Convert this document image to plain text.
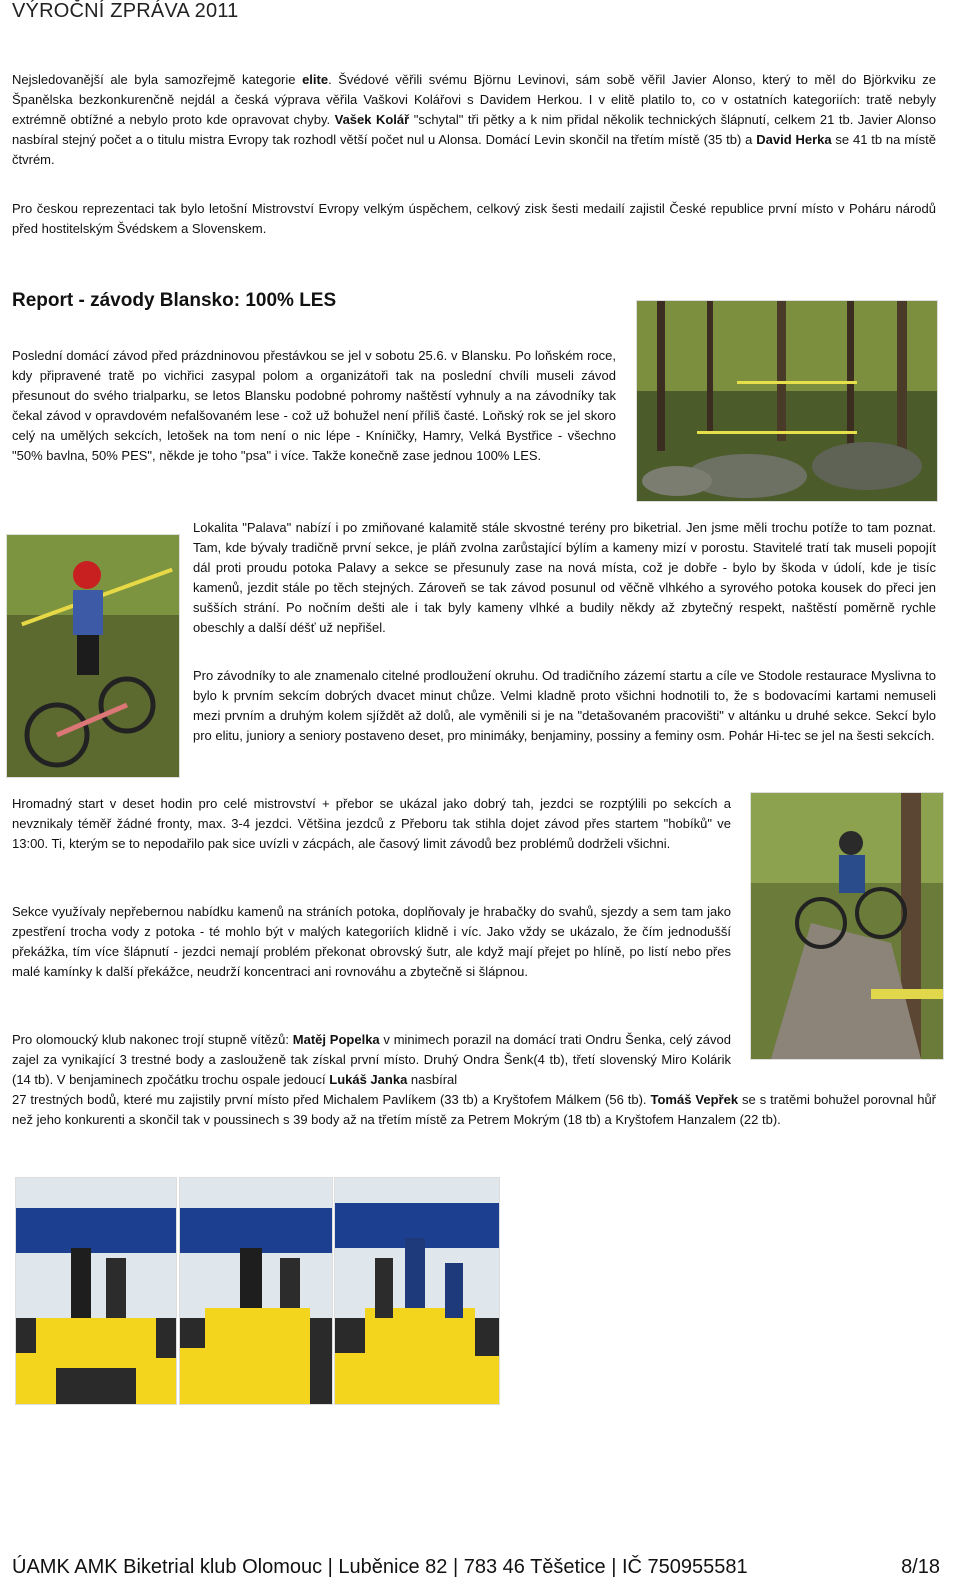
VÝROČNÍ ZPRÁVA 2011

Nejsledovanější ale byla samozřejmě kategorie elite. Švédové věřili svému Björnu Levinovi, sám sobě věřil Javier Alonso, který to měl do Björkviku ze Španělska bezkonkurenčně nejdál a česká výprava věřila Vaškovi Kolářovi s Davidem Herkou. I v elitě platilo to, co v ostatních kategoriích: tratě nebyly extrémně obtížné a nebylo proto kde opravovat chyby. Vašek Kolář "schytal" tři pětky a k nim přidal několik technických šlápnutí, celkem 21 tb. Javier Alonso nasbíral stejný počet a o titulu mistra Evropy tak rozhodl větší počet nul u Alonsa. Domácí Levin skončil na třetím místě (35 tb) a David Herka se 41 tb na místě čtvrém.

Pro českou reprezentaci tak bylo letošní Mistrovství Evropy velkým úspěchem, celkový zisk šesti medailí zajistil České republice první místo v Poháru národů před hostitelským Švédskem a Slovenskem.

Report - závody Blansko: 100% LES

Poslední domácí závod před prázdninovou přestávkou se jel v sobotu 25.6. v Blansku. Po loňském roce, kdy připravené tratě po vichřici zasypal polom a organizátoři tak na poslední chvíli museli závod přesunout do svého trialparku, se letos Blansku podobné pohromy naštěstí vyhnuly a na závodníky tak čekal závod v opravdovém nefalšovaném lese - což už bohužel není příliš časté. Loňský rok se jel skoro celý na umělých sekcích, letošek na tom není o nic lépe - Kníničky, Hamry, Velká Bystřice - všechno "50% bavlna, 50% PES", někde je toho "psa" i více. Takže konečně zase jednou 100% LES.

Lokalita "Palava" nabízí i po zmiňované kalamitě stále skvostné terény pro biketrial. Jen jsme měli trochu potíže to tam poznat. Tam, kde bývaly tradičně první sekce, je pláň zvolna zarůstající býlím a kameny mizí v porostu. Stavitelé tratí tak museli popojít dál proti proudu potoka Palavy a sekce se přesunuly zase na nová místa, což je dobře - bylo by škoda v údolí, kde je tisíc kamenů, jezdit stále po těch stejných. Zároveň se tak závod posunul od věčně vlhkého a syrového potoka kousek do přeci jen sušších strání. Po nočním dešti ale i tak byly kameny vlhké a budily někdy až zbytečný respekt, naštěstí poměrně rychle obeschly a další déšť už nepřišel.

Pro závodníky to ale znamenalo citelné prodloužení okruhu. Od tradičního zázemí startu a cíle ve Stodole restaurace Myslivna to bylo k prvním sekcím dobrých dvacet minut chůze. Velmi kladně proto všichni hodnotili to, že s bodovacími kartami nemuseli mezi prvním a druhým kolem sjíždět až dolů, ale vyměnili si je na "detašovaném pracovišti" v altánku u druhé sekce. Sekcí bylo pro elitu, juniory a seniory postaveno deset, pro minimáky, benjaminy, possiny a feminy osm. Pohár Hi-tec se jel na šesti sekcích.

Hromadný start v deset hodin pro celé mistrovství + přebor se ukázal jako dobrý tah, jezdci se rozptýlili po sekcích a nevznikaly téměř žádné fronty, max. 3-4 jezdci. Většina jezdců z Přeboru tak stihla dojet závod přes startem "hobíků" ve 13:00. Ti, kterým se to nepodařilo pak sice uvízli v zácpách, ale časový limit závodů bez problémů dodrželi všichni.

Sekce využívaly nepřebernou nabídku kamenů na stráních potoka, doplňovaly je hrabačky do svahů, sjezdy a sem tam jako zpestření trocha vody z potoka - té mohlo být v malých kategoriích klidně i víc. Jako vždy se ukázalo, že čím jednodušší překážka, tím více šlápnutí - jezdci nemají problém překonat obrovský šutr, ale když mají přejet po hlíně, po listí nebo přes malé kamínky k další překážce, neudrží koncentraci ani rovnováhu a zbytečně si šlápnou.

Pro olomoucký klub nakonec trojí stupně vítězů: Matěj Popelka v minimech porazil na domácí trati Ondru Šenka, celý závod zajel za vynikající 3 trestné body a zaslouženě tak získal první místo. Druhý Ondra Šenk(4 tb), třetí slovenský Miro Kolárik (14 tb). V benjaminech zpočátku trochu ospale jedoucí Lukáš Janka nasbíral

27 trestných bodů, které mu zajistily první místo před Michalem Pavlíkem (33 tb) a Kryštofem Málkem (56 tb). Tomáš Vepřek se s tratěmi bohužel porovnal hůř než jeho konkurenti a skončil tak v poussinech s 39 body až na třetím místě za Petrem Mokrým (18 tb) a Kryštofem Hanzalem (22 tb).

ÚAMK AMK Biketrial klub Olomouc | Luběnice 82 | 783 46 Těšetice | IČ 750955581	8/18
